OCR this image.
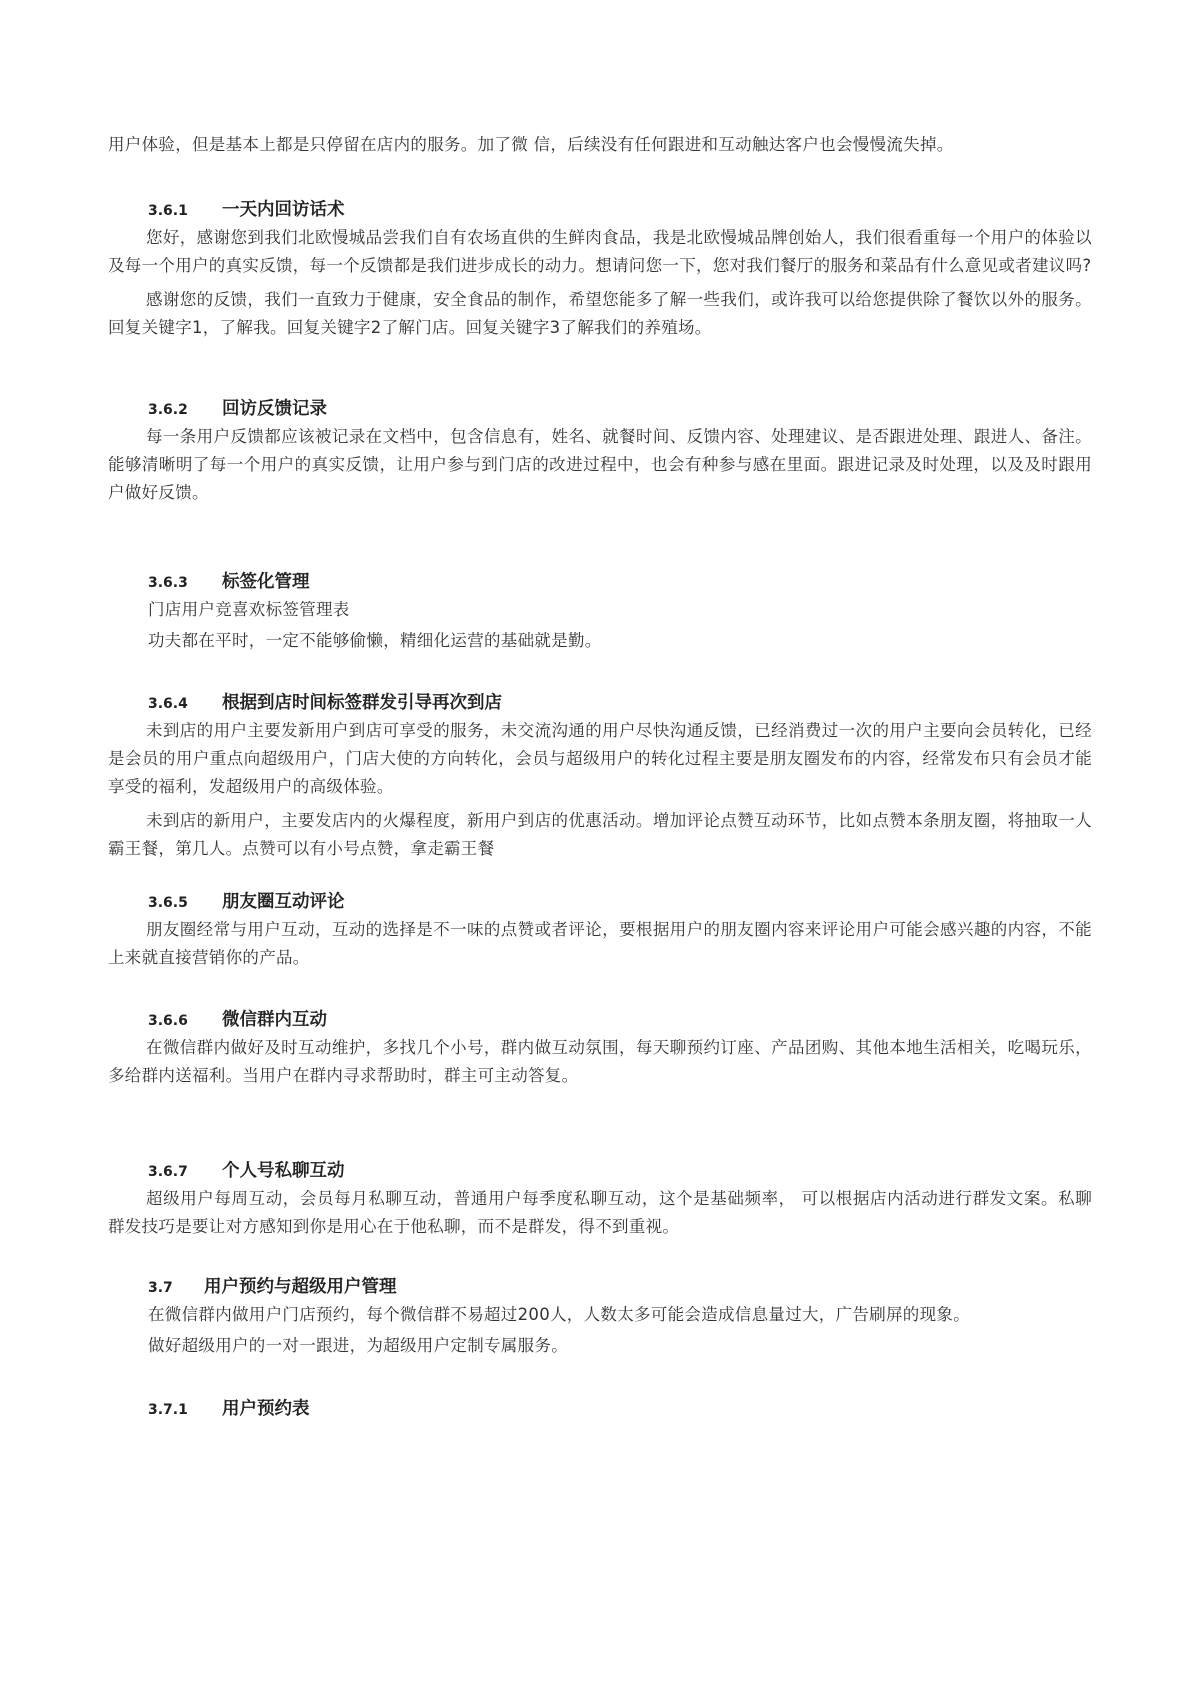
用户体验，但是基本上都是只停留在店内的服务。加了微 信，后续没有任何跟进和互动触达客户也会慢慢流失掉。

3.6.1	一天内回访话术

您好，感谢您到我们北欧慢城品尝我们自有农场直供的生鲜肉食品，我是北欧慢城品牌创始人，我们很看重每一个用户的体验以及每一个用户的真实反馈，每一个反馈都是我们进步成长的动力。想请问您一下，您对我们餐厅的服务和菜品有什么意见或者建议吗?

感谢您的反馈，我们一直致力于健康，安全食品的制作，希望您能多了解一些我们，或许我可以给您提供除了餐饮以外的服务。回复关键字1，了解我。回复关键字2了解门店。回复关键字3了解我们的养殖场。

3.6.2	回访反馈记录

每一条用户反馈都应该被记录在文档中，包含信息有，姓名、就餐时间、反馈内容、处理建议、是否跟进处理、跟进人、备注。能够清晰明了每一个用户的真实反馈，让用户参与到门店的改进过程中，也会有种参与感在里面。跟进记录及时处理，以及及时跟用户做好反馈。

3.6.3	标签化管理

门店用户竞喜欢标签管理表

功夫都在平时，一定不能够偷懒，精细化运营的基础就是勤。

3.6.4	根据到店时间标签群发引导再次到店

未到店的用户主要发新用户到店可享受的服务，未交流沟通的用户尽快沟通反馈，已经消费过一次的用户主要向会员转化，已经是会员的用户重点向超级用户，门店大使的方向转化，会员与超级用户的转化过程主要是朋友圈发布的内容，经常发布只有会员才能享受的福利，发超级用户的高级体验。

未到店的新用户，主要发店内的火爆程度，新用户到店的优惠活动。增加评论点赞互动环节，比如点赞本条朋友圈，将抽取一人霸王餐，第几人。点赞可以有小号点赞，拿走霸王餐

3.6.5	朋友圈互动评论

朋友圈经常与用户互动，互动的选择是不一味的点赞或者评论，要根据用户的朋友圈内容来评论用户可能会感兴趣的内容，不能上来就直接营销你的产品。

3.6.6	微信群内互动

在微信群内做好及时互动维护，多找几个小号，群内做互动氛围，每天聊预约订座、产品团购、其他本地生活相关，吃喝玩乐，多给群内送福利。当用户在群内寻求帮助时，群主可主动答复。

3.6.7	个人号私聊互动

超级用户每周互动，会员每月私聊互动，普通用户每季度私聊互动，这个是基础频率， 可以根据店内活动进行群发文案。私聊群发技巧是要让对方感知到你是用心在于他私聊，而不是群发，得不到重视。

3.7	用户预约与超级用户管理

在微信群内做用户门店预约，每个微信群不易超过200人，人数太多可能会造成信息量过大，广告刷屏的现象。

做好超级用户的一对一跟进，为超级用户定制专属服务。

3.7.1	用户预约表
